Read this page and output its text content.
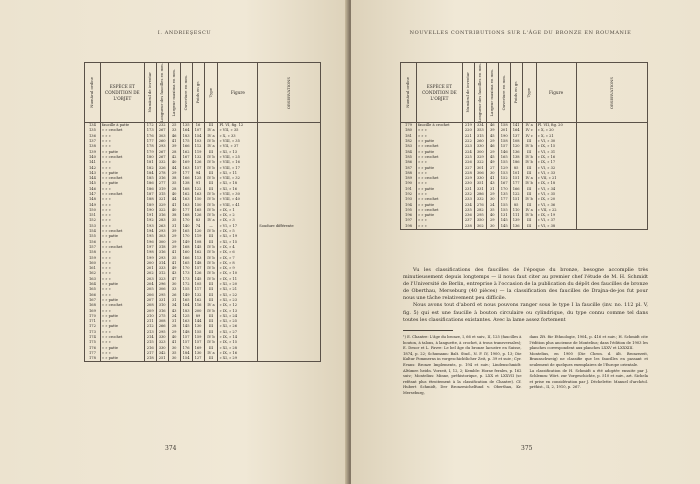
I. ANDRIEŞESCU
Numărul ordine	ESPÈCE ET CONDITION DE L'OBJET	Numărul de inventar	Longueur des faucilles en mm.	Largeur maxima en mm.	Ouverture en mm.	Poids en gr.	Type	Figure	OBSERVATIONS

134	faucille à patte	172	232	25	135	16	III	Pl. VI, fig. 12	
135	» » crochet	173	267	33	164	107	IV a	» VII, » 35	
136	» » »	176	303	46	183	154	IV a	» X, » 33	
137	» » »	177	260	41	175	103	IV b	» VIII, » 35	
138	» » »	178	293	39	166	112	IV a	» VII, » 37	
139	» » patte	179	267	28	162	119	III	» XI, » 13	
140	» » crochet	180	267	42	167	132	IV b	» VIII, » 25	
141	» » »	181	332	40	169	126	IV b	» VIII, » 16	
142	» » »	182	326	44	163	157	IV b	» VIII, » 17	
143	» » patte	184	278	29	177	94	III	» XI, » 11	
144	» » crochet	185	316	38	166	125	IV b	» VIII, » 32	
145	» » patte	186	277	35	138	91	III	» XI, » 18	
146	» » »	186	319	28	168	122	III	» XI, » 16	
147	» » crochet	187	315	40	162	163	IV b	» VIII, » 30	
148	» » »	188	321	44	163	150	IV b	» VIII, » 40	
149	» » »	189	329	41	163	150	IV b	» VIII, » 41	
150	» » »	190	322	40	177	165	IV b	» IX, » 1	
151	» » »	191	316	38	168	126	IV b	» IX, » 2	
152	» » »	192	283	35	170	83	IV a	» IX, » 3	
153	» » »	193	263	31	140	74	—	» VI, » 17	Soudure différente
154	» » crochet	194	293	39	165	120	IV b	» IX, » 5	
155	» » patte	195	303	29	170	119	III	» XI, » 19	
156	» » »	196	300	29	149	108	III	» XI, » 15	
157	» » crochet	197	318	39	168	145	IV b	» IX, » 4	
158	» » »	198	316	41	160	162	IV b	» IX, » 6	
159	» » »	199	293	35	166	113	IV b	» IX, » 7	
160	» » »	200	314	41	165	148	IV b	» IX, » 8	
161	» » »	201	333	49	170	157	IV b	» IX, » 9	
162	» » »	202	312	43	173	126	IV b	» IX, » 10	
163	» » »	203	323	47	173	145	IV b	» IX, » 11	
164	» » patte	204	296	30	172	105	III	» XI, » 20	
165	» » »	205	306	33	155	117	III	» XI, » 21	
166	» » »	206	295	26	149	132	III	» XI, » 22	
167	» » patte	207	331	31	165	162	III	» XI, » 23	
168	» » crochet	208	310	34	164	116	IV a	» IX, » 12	
169	» » »	209	316	43	183	200	IV b	» IX, » 13	
170	» » patte	210	275	24	125	89	III	» XI, » 24	
171	» » »	211	308	31	163	144	III	» XI, » 25	
172	» » patte	212	266	28	145	130	III	» XI, » 26	
173	» » »	213	295	29	148	155	III	» XI, » 27	
174	» » crochet	214	330	40	157	159	IV b	» IX, » 14	
175	» » »	215	323	41	157	157	IV b	» IX, » 15	
176	» » patte	216	330	30	176	169	III	» XI, » 28	
177	» » »	217	342	35	184	130	IV a	» IX, » 16	
178	» » patte	218	251	30	154	127	III	» XI, » 29	
374
NOUVELLES CONTRIBUTIONS SUR L'ÂGE DU BRONZE EN ROUMANIE
375
Numărul ordine	ESPÈCE ET CONDITION DE L'OBJET	Numărul de inventar	Longueur des faucilles en mm.	Largeur maxima en mm.	Ouverture en mm.	Poids en gr.	Type	Figure	OBSERVATIONS

179	faucille à crochet	219	334	46	158	141	IV a	Pl. VII, fig. 20	
180	» » »	220	353	39	201	164	IV c	» X, » 20	
181	» » »	221	315	45	190	137	IV c	» X, » 21	
182	» » patte	222	260	29	158	108	III	» VI, » 30	
183	» » crochet	223	330	46	157	120	IV b	» IX, » 15	
184	» » patte	224	300	29	146	136	III	» VI, » 31	
185	» » crochet	225	329	45	165	138	IV b	» IX, » 16	
186	» » »	226	322	49	155	186	IV b	» IX, » 17	
187	» » patte	227	301	27	129	85	III	» VI, » 32	
188	» » »	228	306	30	153	101	III	» VI, » 33	
189	» » crochet	229	330	41	152	151	IV a	» VII, » 21	
190	» » »	230	351	43	167	177	IV b	» IX, » 18	
191	» » patte	231	331	31	170	166	III	» VI, » 34	
192	» » »	232	286	29	135	122	III	» VI, » 35	
193	» » crochet	233	332	30	177	151	IV b	» IX, » 20	
194	» » patte	234	276	24	155	85	III	» VI, » 36	
195	» » crochet	235	282	35	155	110	IV a	» VII, » 22	
196	» » patte	236	295	40	131	111	IV b	» IX, » 19	
197	» » »	237	350	29	145	139	III	» VI, » 37	
198	» » »	238	302	30	145	136	III	» VI, » 38	

Vu les classifications des faucilles de l'époque du bronze, besogne accomplie très minutieusement depuis longtemps — il nous faut citer au premier chef l'étude de M. H. Schmidt de l'Université de Berlin, entreprise à l'occasion de la publication du dépôt des faucilles de bronze de Oberthau, Merseburg (40 pièces) — la classification des faucilles de Drajna-de-jos fut pour nous une tâche relativement peu difficile.

Nous avons tout d'abord et nous pouvons ranger sous le type I la faucille (inv. no. 112 pl. V, fig. 5) qui est une faucille à bouton circulaire ou cylindrique, du type connu comme tel dans toutes les classifications existantes. Avec la lame assez fortement

¹) E. Chantre: L'âge du bronze, I, 66 et suiv., II, 125 (faucilles à bouton, à talons, à languette, à crochet, à trous transversales); E. Desor et L. Favre: Le bel âge du bronze lacustre en Suisse, 1874, p. 22; Schumann: Balt. Stud., N. F. IV, 1900, p. 13; Die Kultur Pommerns in vorgeschichtlicher Zeit, p. 39 et suiv.; Cyr. Evans: Bronze Implements, p. 194 et suiv.; Lindenschmidt: Altümer. heidn. Vorzeit, I, 12, 2; Kemble: Horae ferales, p. 162 suiv.; Montelius: Minne, préhistorique, p. LXX et LXXVII (se reféant plus étroitement à la classification de Chantre). Cf. Hubert Schmidt, Der Bronzesichelfund v. Oberthau, Kr. Merseburg,
dans Zft. für Ethnologie, 1904, p. 416 et suiv.; H. Schmidt cite l'édition plus ancienne de Montelius; dans l'édition de 1903 les planches correspondent aux planches LXXV et LXXXIII.
Montelius, en 1900 (Die Chron. d. ält. Bronzezeit, Braunschweig) ne classifie que les faucilles en passant et seulement de quelques exemplaires de l'Europe orientale.
La classification de H. Schmidt a été adoptée ensuite par J. Schlemm: Wört. zur Vorgeschichte, p. 510 et suiv., art. Sichela et prise en considération par J. Déchelette: Manuel d'archéol. préhist., II, 2, 1910, p. 267.
